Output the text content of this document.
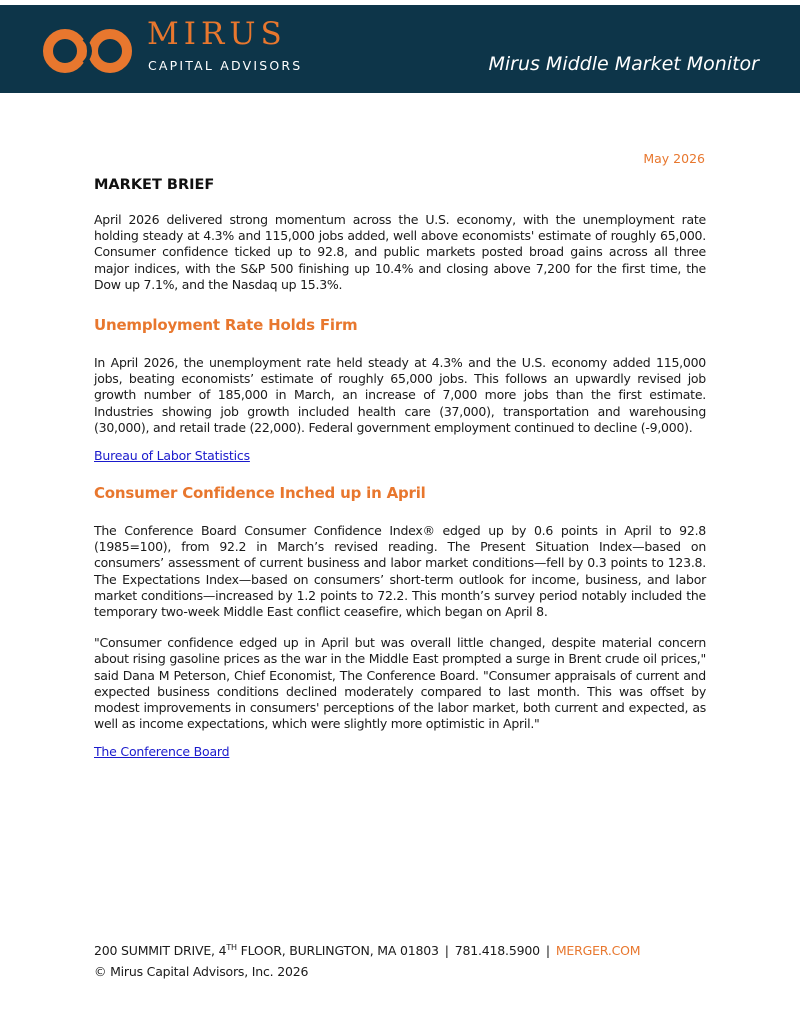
MIRUS
CAPITAL ADVISORS	Mirus Middle Market Monitor
May 2026
MARKET BRIEF

April 2026 delivered strong momentum across the U.S. economy, with the unemployment rate holding steady at 4.3% and 115,000 jobs added, well above economists' estimate of roughly 65,000. Consumer confidence ticked up to 92.8, and public markets posted broad gains across all three major indices, with the S&P 500 finishing up 10.4% and closing above 7,200 for the first time, the Dow up 7.1%, and the Nasdaq up 15.3%.

Unemployment Rate Holds Firm

In April 2026, the unemployment rate held steady at 4.3% and the U.S. economy added 115,000 jobs, beating economists’ estimate of roughly 65,000 jobs. This follows an upwardly revised job growth number of 185,000 in March, an increase of 7,000 more jobs than the first estimate. Industries showing job growth included health care (37,000), transportation and warehousing (30,000), and retail trade (22,000). Federal government employment continued to decline (-9,000).

Bureau of Labor Statistics
Consumer Confidence Inched up in April

The Conference Board Consumer Confidence Index® edged up by 0.6 points in April to 92.8 (1985=100), from 92.2 in March’s revised reading. The Present Situation Index—based on consumers’ assessment of current business and labor market conditions—fell by 0.3 points to 123.8. The Expectations Index—based on consumers’ short-term outlook for income, business, and labor market conditions—increased by 1.2 points to 72.2. This month’s survey period notably included the temporary two-week Middle East conflict ceasefire, which began on April 8.

"Consumer confidence edged up in April but was overall little changed, despite material concern about rising gasoline prices as the war in the Middle East prompted a surge in Brent crude oil prices," said Dana M Peterson, Chief Economist, The Conference Board. "Consumer appraisals of current and expected business conditions declined moderately compared to last month. This was offset by modest improvements in consumers' perceptions of the labor market, both current and expected, as well as income expectations, which were slightly more optimistic in April."

The Conference Board
200 SUMMIT DRIVE, 4TH FLOOR, BURLINGTON, MA 01803 | 781.418.5900 | MERGER.COM
© Mirus Capital Advisors, Inc. 2026
